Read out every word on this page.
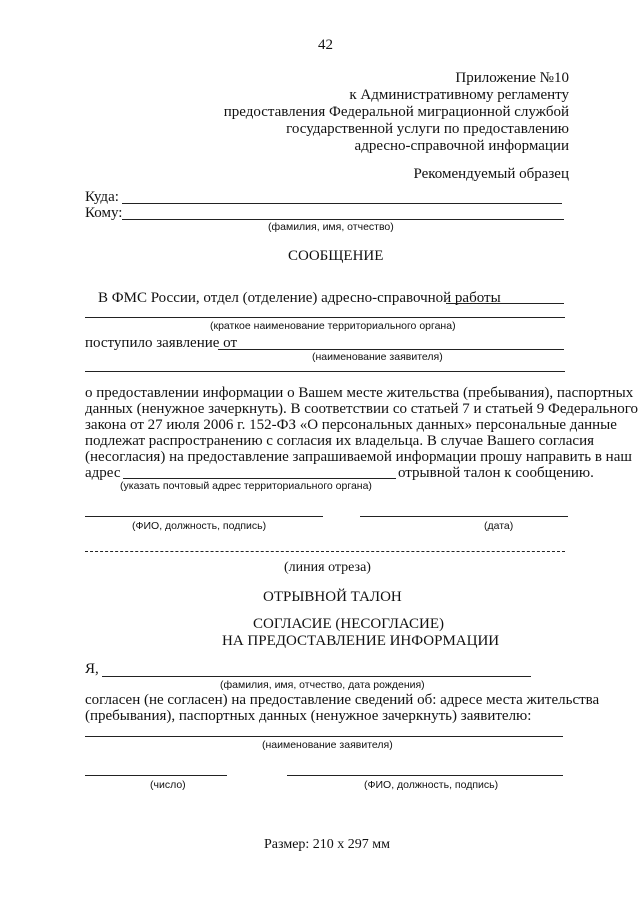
42
Приложение №10
к Административному регламенту
предоставления Федеральной миграционной службой
государственной услуги по предоставлению
адресно-справочной информации
Рекомендуемый образец
Куда:
Кому:
(фамилия, имя, отчество)
СООБЩЕНИЕ
В ФМС России, отдел (отделение) адресно-справочной работы
(краткое наименование территориального органа)
поступило заявление от
(наименование заявителя)
о предоставлении информации о Вашем месте жительства (пребывания), паспортных
данных (ненужное зачеркнуть). В соответствии со статьей 7 и статьей 9 Федерального
закона от 27 июля 2006 г. 152-ФЗ «О персональных данных» персональные данные
подлежат распространению с согласия их владельца. В случае Вашего согласия
(несогласия) на предоставление запрашиваемой информации прошу направить в наш
адрес	отрывной талон к сообщению.
(указать почтовый адрес территориального органа)
(ФИО, должность, подпись)	(дата)
(линия отреза)
ОТРЫВНОЙ ТАЛОН
СОГЛАСИЕ (НЕСОГЛАСИЕ)
НА ПРЕДОСТАВЛЕНИЕ ИНФОРМАЦИИ
Я,
(фамилия, имя, отчество, дата рождения)
согласен (не согласен) на предоставление сведений об: адресе места жительства
(пребывания), паспортных данных (ненужное зачеркнуть) заявителю:
(наименование заявителя)
(число)	(ФИО, должность, подпись)
Размер: 210 х 297 мм
